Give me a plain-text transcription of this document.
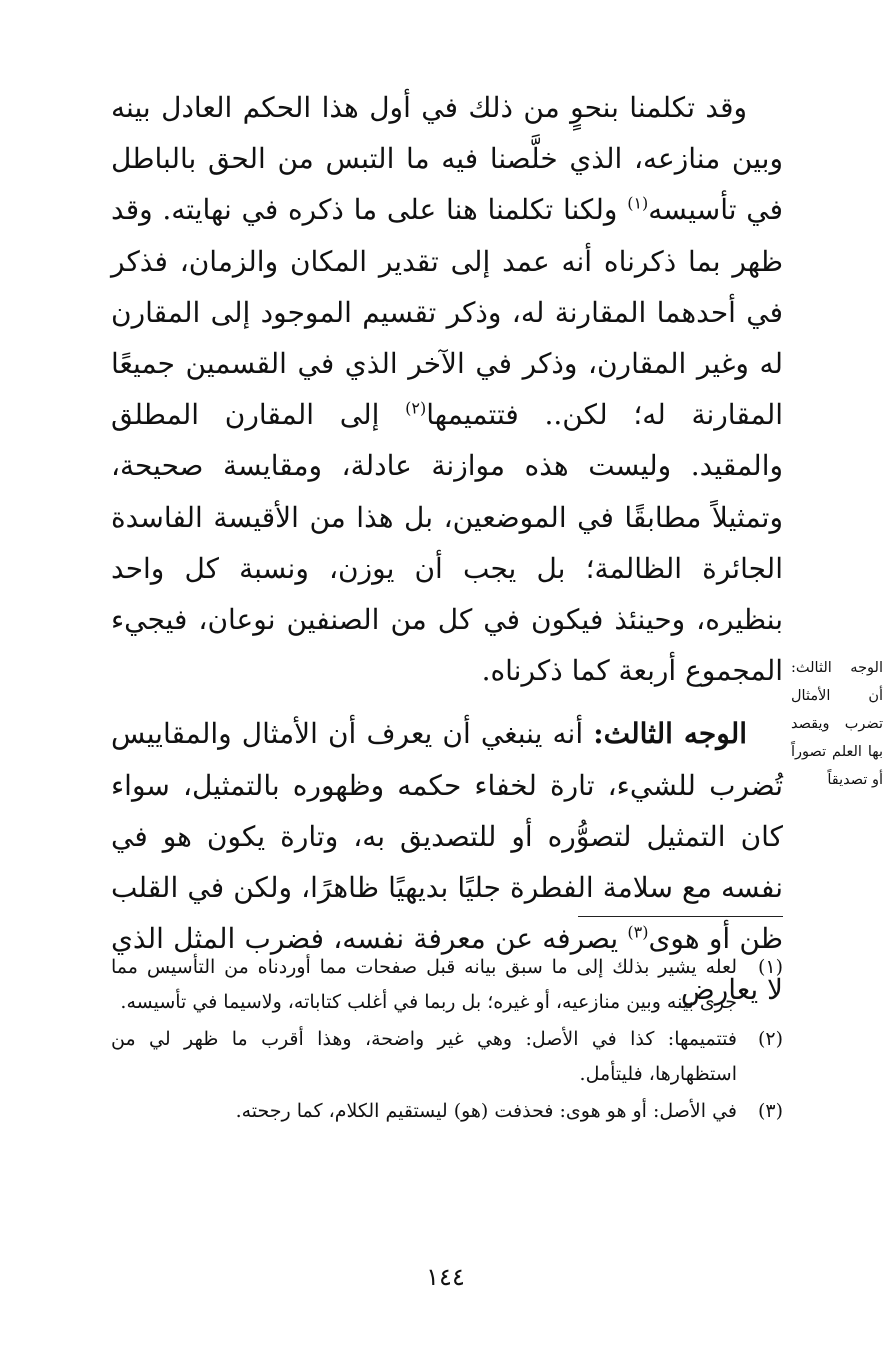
وقد تكلمنا بنحوٍ من ذلك في أول هذا الحكم العادل بينه وبين منازعه، الذي خلَّصنا فيه ما التبس من الحق بالباطل في تأسيسه$^{(١)}$ ولكنا تكلمنا هنا على ما ذكره في نهايته. وقد ظهر بما ذكرناه أنه عمد إلى تقدير المكان والزمان، فذكر في أحدهما المقارنة له، وذكر تقسيم الموجود إلى المقارن له وغير المقارن، وذكر في الآخر الذي في القسمين جميعًا المقارنة له؛ لكن.. فتتميمها$^{(٢)}$ إلى المقارن المطلق والمقيد. وليست هذه موازنة عادلة، ومقايسة صحيحة، وتمثيلاً مطابقًا في الموضعين، بل هذا من الأقيسة الفاسدة الجائرة الظالمة؛ بل يجب أن يوزن، ونسبة كل واحد بنظيره، وحينئذ فيكون في كل من الصنفين نوعان، فيجيء المجموع أربعة كما ذكرناه.

الوجه الثالث: أنه ينبغي أن يعرف أن الأمثال والمقاييس تُضرب للشيء، تارة لخفاء حكمه وظهوره بالتمثيل، سواء كان التمثيل لتصوُّره أو للتصديق به، وتارة يكون هو في نفسه مع سلامة الفطرة جليًا بديهيًا ظاهرًا، ولكن في القلب ظن أو هوى$^{(٣)}$ يصرفه عن معرفة نفسه، فضرب المثل الذي لا يعارض

الوجه الثالث: أن الأمثال تضرب ويقصد بها العلم تصوراً أو تصديقاً
(١)
لعله يشير بذلك إلى ما سبق بيانه قبل صفحات مما أوردناه من التأسيس مما جرى بينه وبين منازعيه، أو غيره؛ بل ربما في أغلب كتاباته، ولاسيما في تأسيسه.
(٢)
فتتميمها: كذا في الأصل: وهي غير واضحة، وهذا أقرب ما ظهر لي من استظهارها، فليتأمل.
(٣)
في الأصل: أو هو هوى: فحذفت (هو) ليستقيم الكلام، كما رجحته.
١٤٤
